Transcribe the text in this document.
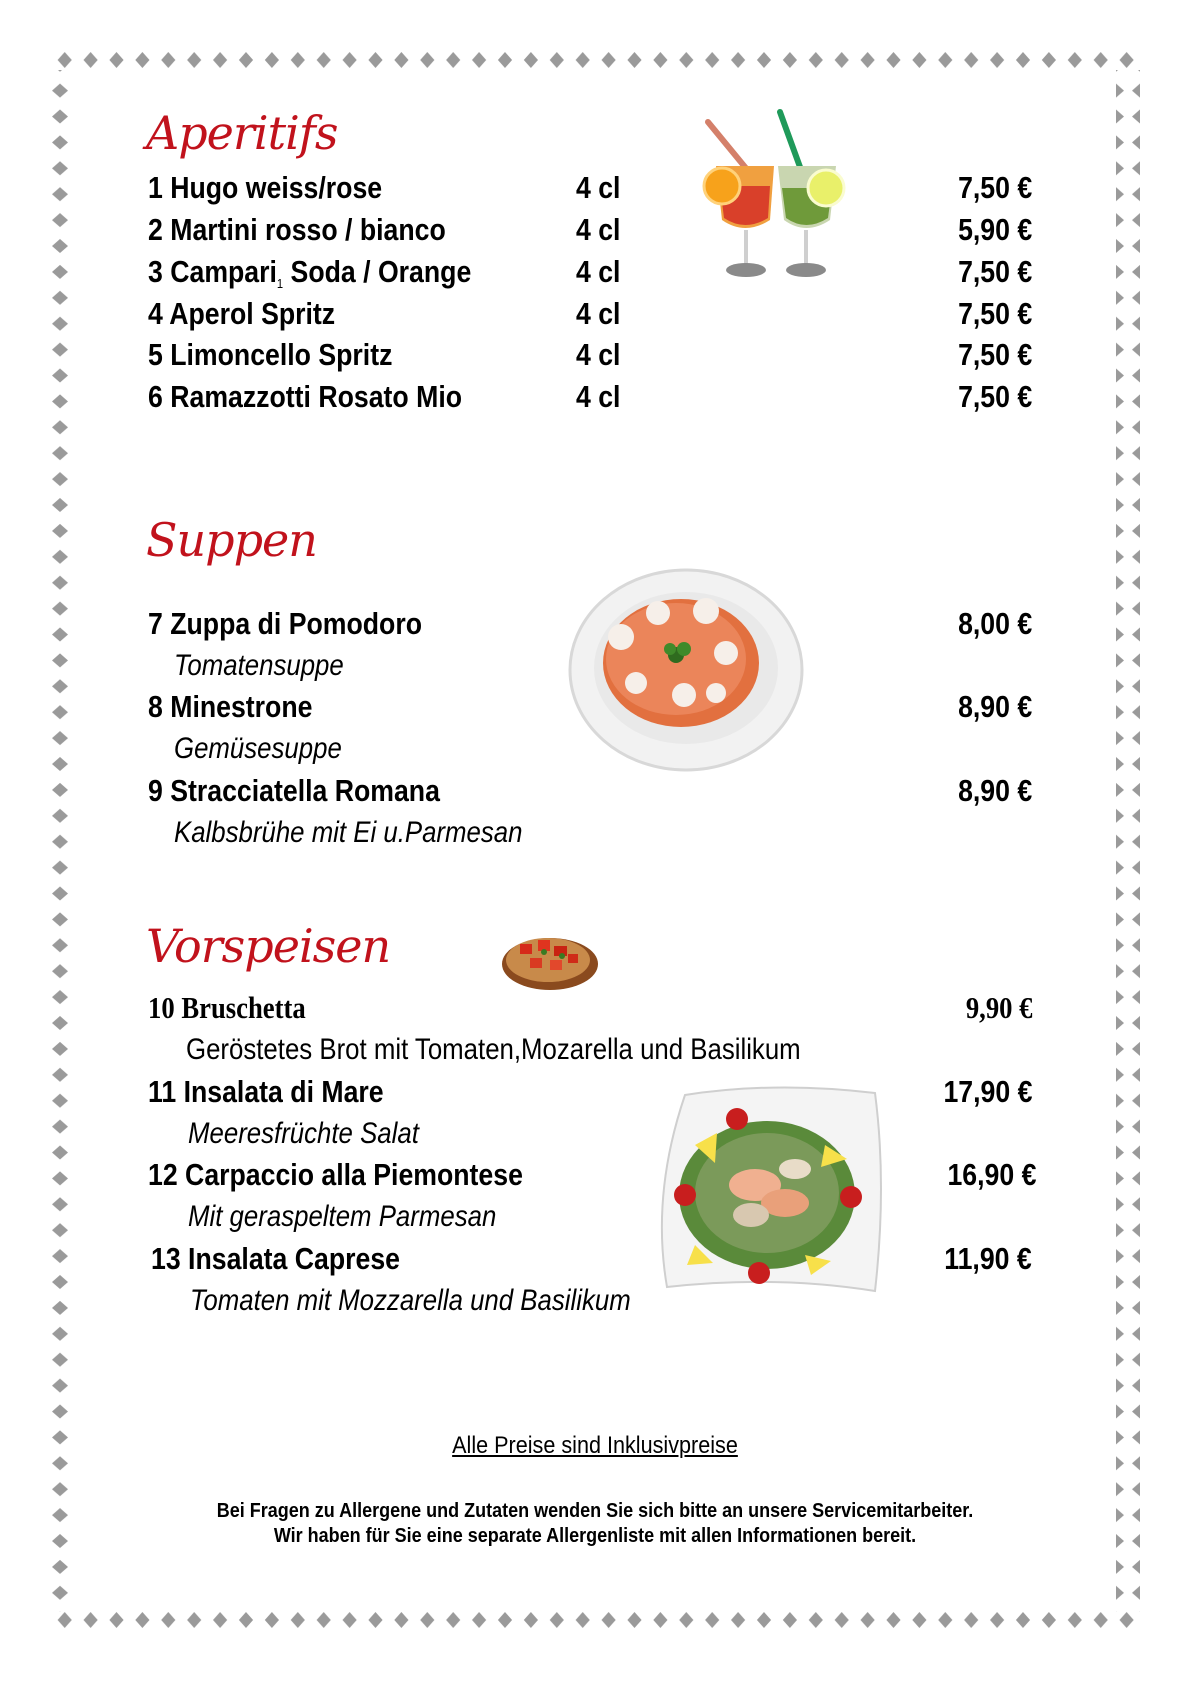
Aperitifs
1 Hugo weiss/rose	4 cl	7,50 €
2 Martini rosso / bianco	4 cl	5,90 €
3 Campari1 Soda / Orange	4 cl	7,50 €
4 Aperol Spritz	4 cl	7,50 €
5 Limoncello Spritz	4 cl	7,50 €
6 Ramazzotti Rosato Mio	4 cl	7,50 €
Suppen
7 Zuppa di Pomodoro	8,00 €
Tomatensuppe
8 Minestrone	8,90 €
Gemüsesuppe
9 Stracciatella Romana	8,90 €
Kalbsbrühe mit Ei u.Parmesan
Vorspeisen
10 Bruschetta	9,90 €
Geröstetes Brot mit Tomaten,Mozarella und Basilikum
11 Insalata di Mare	17,90 €
Meeresfrüchte Salat
12 Carpaccio alla Piemontese	16,90 €
Mit geraspeltem Parmesan
13 Insalata Caprese	11,90 €
Tomaten mit Mozzarella und Basilikum
Alle Preise sind Inklusivpreise
Bei Fragen zu Allergene und Zutaten wenden Sie sich bitte an unsere Servicemitarbeiter.
Wir haben für Sie eine separate Allergenliste mit allen Informationen bereit.
